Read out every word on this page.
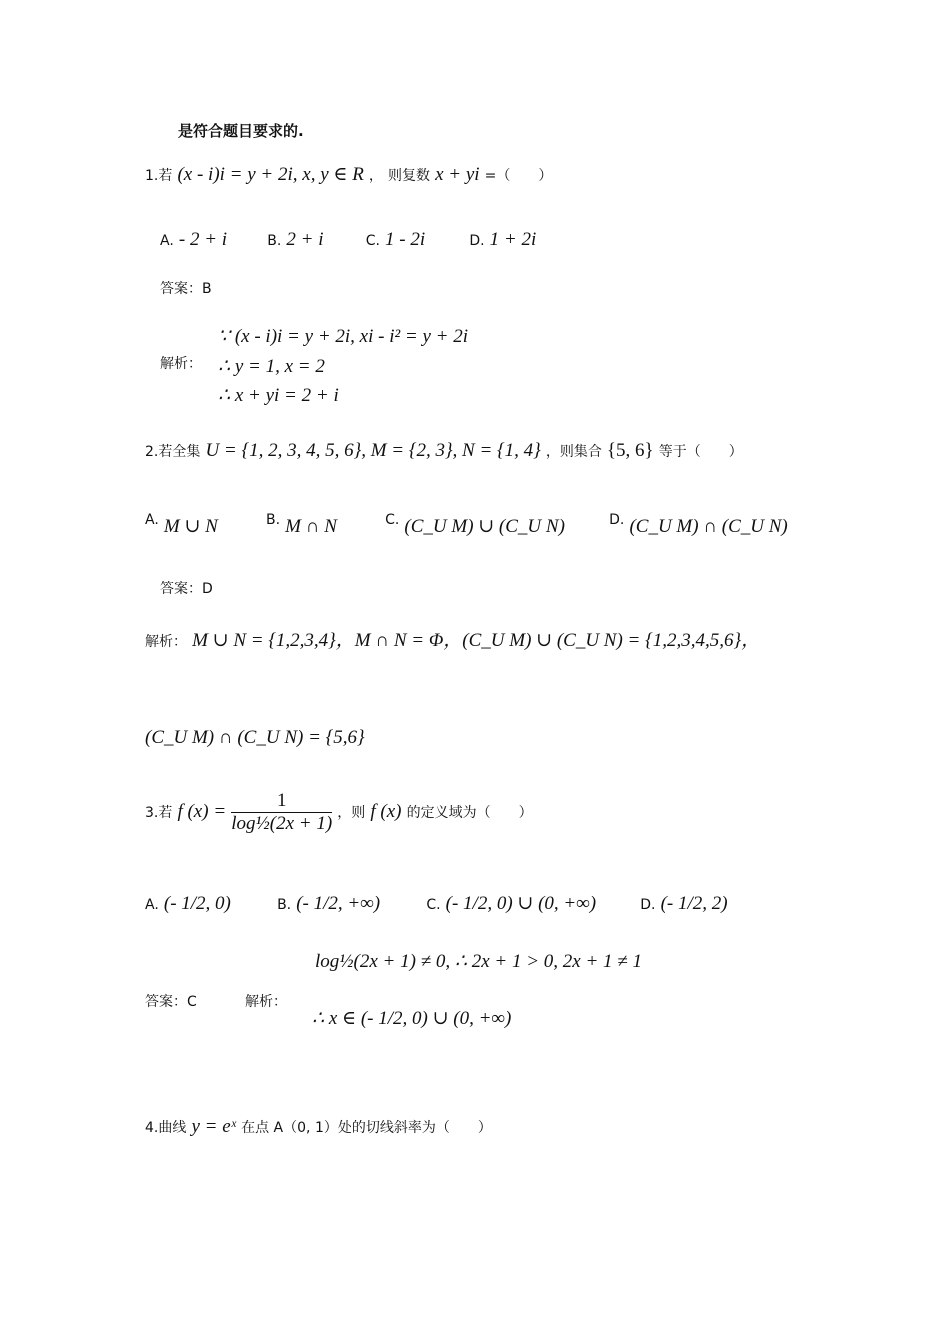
是符合题目要求的.
1.若 (x - i)i = y + 2i, x, y ∈ R ， 则复数 x + yi =（　　）
A. - 2 + i	B. 2 + i	C. 1 - 2i	D. 1 + 2i
答案：B
解析：
∵ (x - i)i = y + 2i, xi - i² = y + 2i
∴ y = 1, x = 2
∴ x + yi = 2 + i
2.若全集 U = {1, 2, 3, 4, 5, 6}, M = {2, 3}, N = {1, 4} ，则集合 {5, 6} 等于（　　）
A. M ∪ N	B. M ∩ N	C. (C_U M) ∪ (C_U N)	D. (C_U M) ∩ (C_U N)
答案：D
解析： M ∪ N = {1,2,3,4}，M ∩ N = Φ，(C_U M) ∪ (C_U N) = {1,2,3,4,5,6}，
(C_U M) ∩ (C_U N) = {5,6}
3.若 f $(x) = \frac{1}{\text{log½(2x + 1)}}$ ，则 f (x) 的定义域为（　　）
A. (- 1/2, 0)	B. (- 1/2, +∞)	C. (- 1/2, 0) ∪ (0, +∞)	D. (- 1/2, 2)
log½(2x + 1) ≠ 0, ∴ 2x + 1 > 0, 2x + 1 ≠ 1
答案：C	解析：
∴ x ∈ (- 1/2, 0) ∪ (0, +∞)
4.曲线 y = eˣ 在点 A（0, 1）处的切线斜率为（　　）
